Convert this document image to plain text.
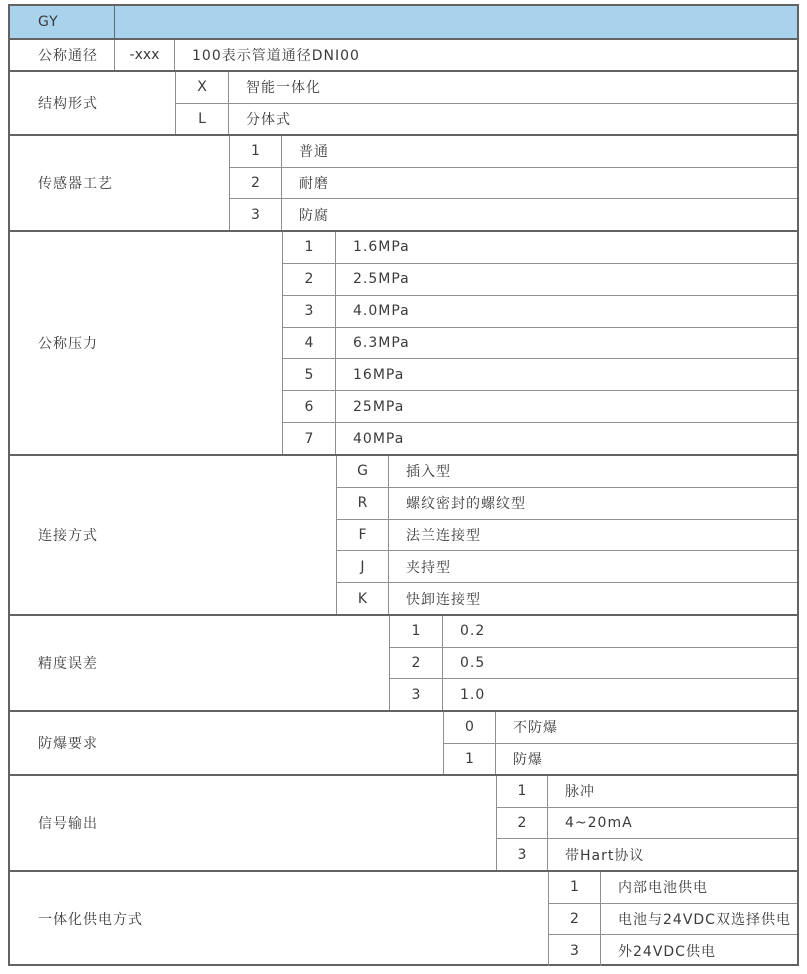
GY
公称通径	-xxx	100表示管道通径DNI00
结构形式
X	智能一体化
L	分体式
传感器工艺
1	普通
2	耐磨
3	防腐
公称压力
1	1.6MPa
2	2.5MPa
3	4.0MPa
4	6.3MPa
5	16MPa
6	25MPa
7	40MPa
连接方式
G	插入型
R	螺纹密封的螺纹型
F	法兰连接型
J	夹持型
K	快卸连接型
精度误差
1	0.2
2	0.5
3	1.0
防爆要求
0	不防爆
1	防爆
信号输出
1	脉冲
2	4~20mA
3	带Hart协议
一体化供电方式
1	内部电池供电
2	电池与24VDC双选择供电
3	外24VDC供电
